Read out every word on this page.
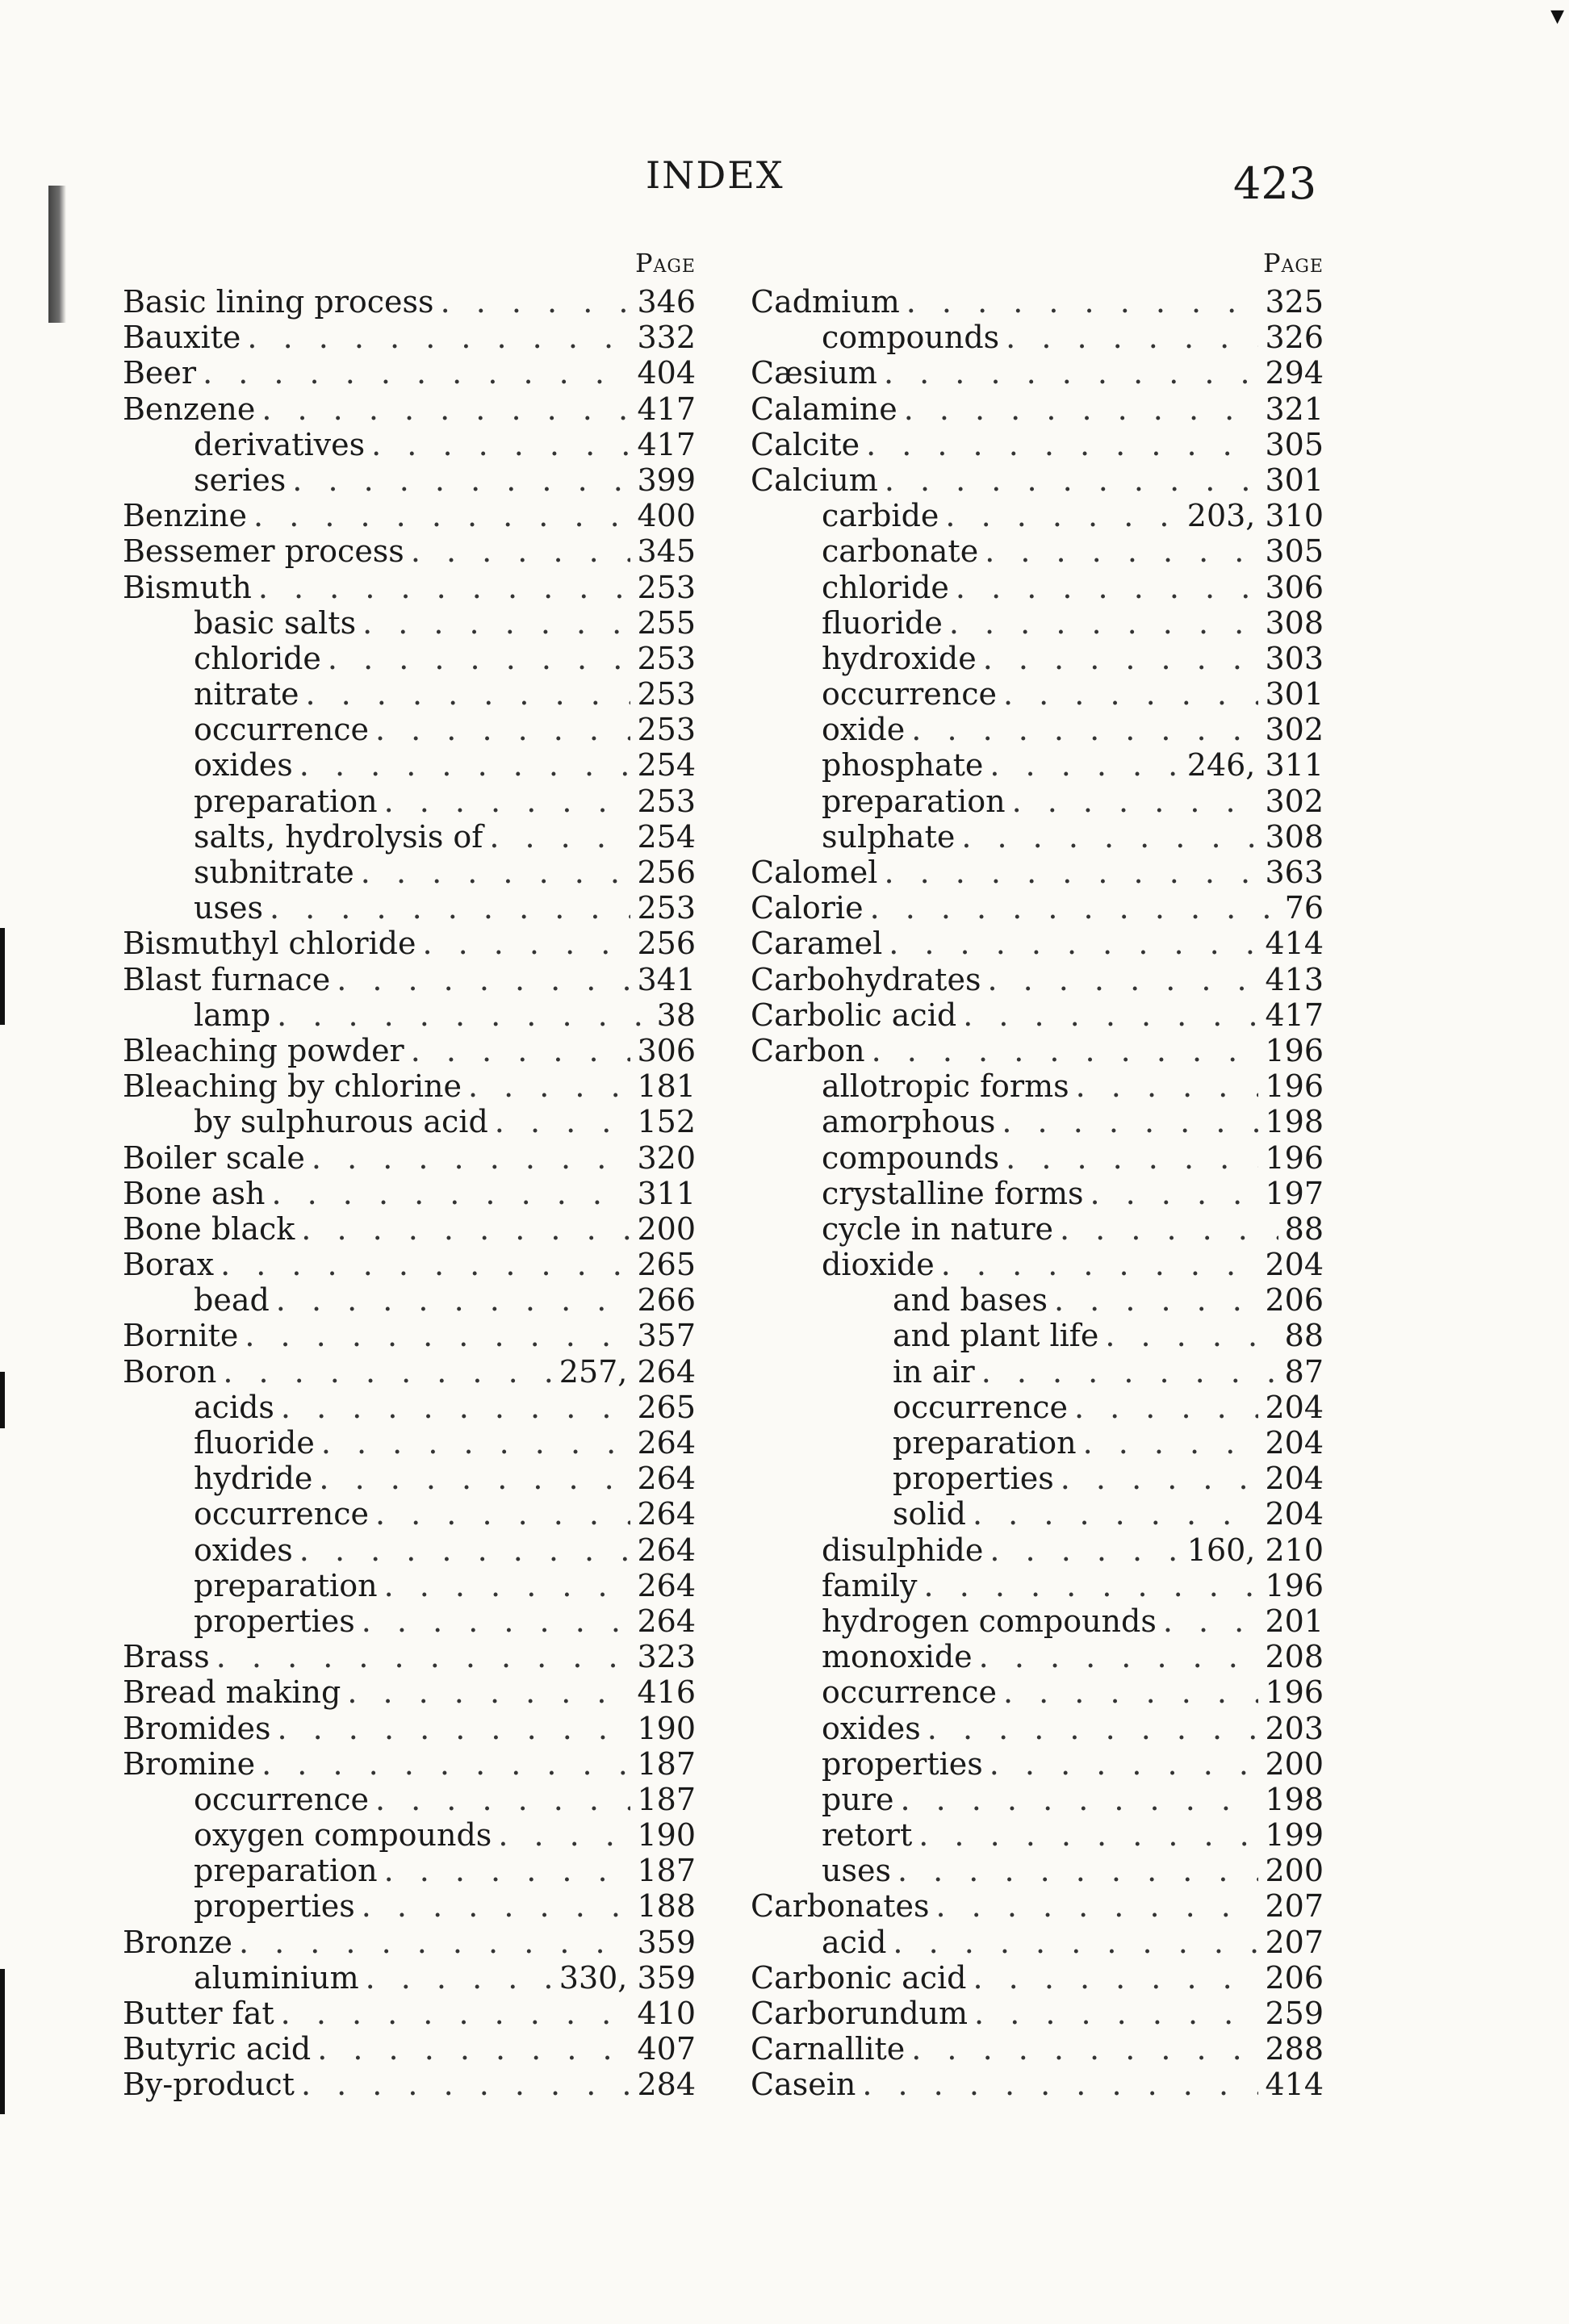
▼
INDEX	423
Page
Basic lining process . . .	346
Bauxite . . .	332
Beer . . .	404
Benzene . . .	417
derivatives . . .	417
series . . .	399
Benzine . . .	400
Bessemer process . . .	345
Bismuth . . .	253
basic salts . . .	255
chloride . . .	253
nitrate . . .	253
occurrence . . .	253
oxides . . .	254
preparation . . .	253
salts, hydrolysis of . . .	254
subnitrate . . .	256
uses . . .	253
Bismuthyl chloride . . .	256
Blast furnace . . .	341
lamp . . .	38
Bleaching powder . . .	306
Bleaching by chlorine . . .	181
by sulphurous acid . . .	152
Boiler scale . . .	320
Bone ash . . .	311
Bone black . . .	200
Borax . . .	265
bead . . .	266
Bornite . . .	357
Boron . . .	257, 264
acids . . .	265
fluoride . . .	264
hydride . . .	264
occurrence . . .	264
oxides . . .	264
preparation . . .	264
properties . . .	264
Brass . . .	323
Bread making . . .	416
Bromides . . .	190
Bromine . . .	187
occurrence . . .	187
oxygen compounds . . .	190
preparation . . .	187
properties . . .	188
Bronze . . .	359
aluminium . . .	330, 359
Butter fat . . .	410
Butyric acid . . .	407
By-product . . .	284
Page
Cadmium . . .	325
compounds . . .	326
Cæsium . . .	294
Calamine . . .	321
Calcite . . .	305
Calcium . . .	301
carbide . . .	203, 310
carbonate . . .	305
chloride . . .	306
fluoride . . .	308
hydroxide . . .	303
occurrence . . .	301
oxide . . .	302
phosphate . . .	246, 311
preparation . . .	302
sulphate . . .	308
Calomel . . .	363
Calorie . . .	76
Caramel . . .	414
Carbohydrates . . .	413
Carbolic acid . . .	417
Carbon . . .	196
allotropic forms . . .	196
amorphous . . .	198
compounds . . .	196
crystalline forms . . .	197
cycle in nature . . .	88
dioxide . . .	204
and bases . . .	206
and plant life . . .	88
in air . . .	87
occurrence . . .	204
preparation . . .	204
properties . . .	204
solid . . .	204
disulphide . . .	160, 210
family . . .	196
hydrogen compounds . . .	201
monoxide . . .	208
occurrence . . .	196
oxides . . .	203
properties . . .	200
pure . . .	198
retort . . .	199
uses . . .	200
Carbonates . . .	207
acid . . .	207
Carbonic acid . . .	206
Carborundum . . .	259
Carnallite . . .	288
Casein . . .	414
